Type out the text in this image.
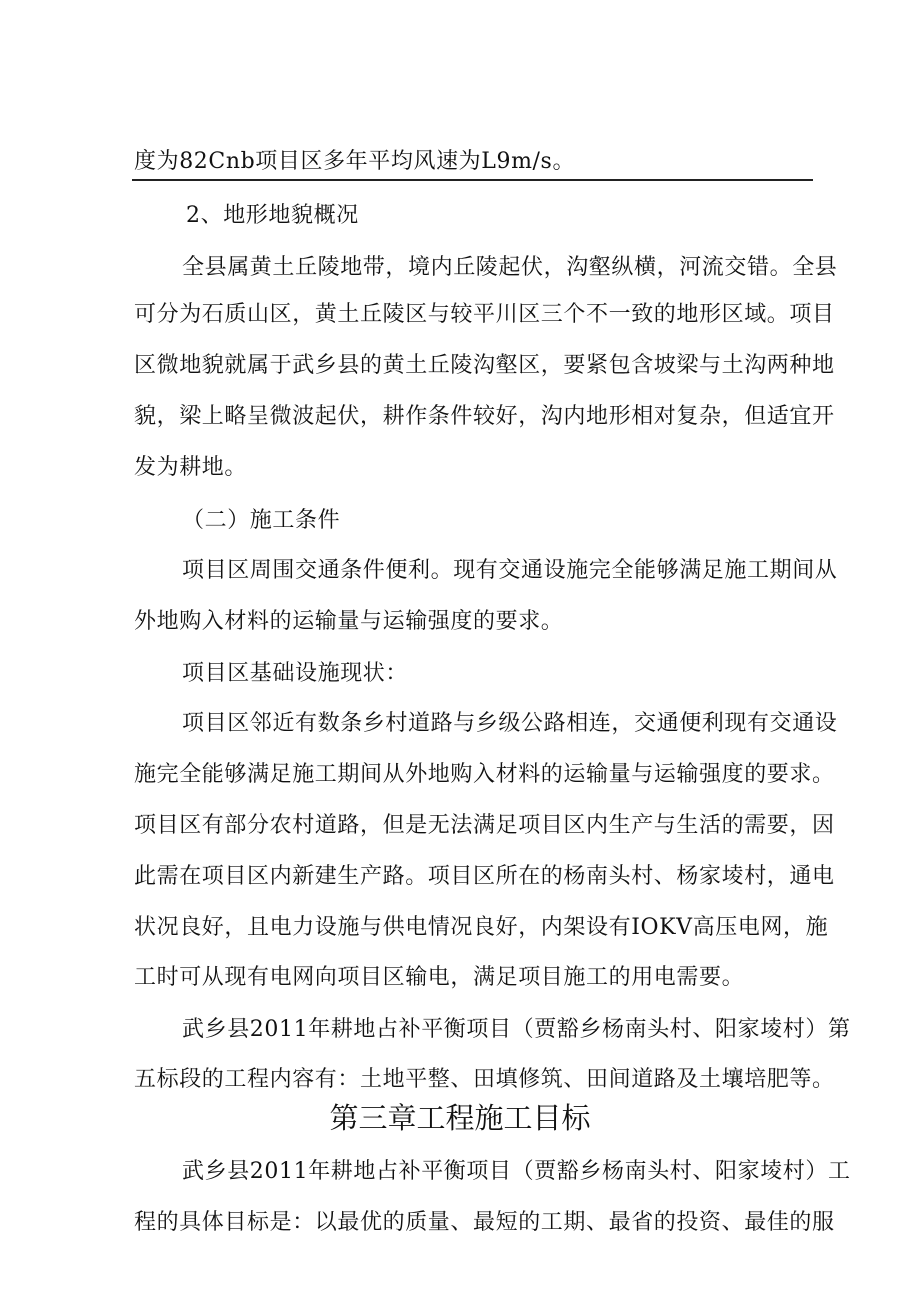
度为82Cnb项目区多年平均风速为L9m/s。
2、地形地貌概况
全县属黄土丘陵地带，境内丘陵起伏，沟壑纵横，河流交错。全县
可分为石质山区，黄土丘陵区与较平川区三个不一致的地形区域。项目
区微地貌就属于武乡县的黄土丘陵沟壑区，要紧包含坡梁与土沟两种地
貌，梁上略呈微波起伏，耕作条件较好，沟内地形相对复杂，但适宜开
发为耕地。
（二）施工条件
项目区周围交通条件便利。现有交通设施完全能够满足施工期间从
外地购入材料的运输量与运输强度的要求。
项目区基础设施现状：
项目区邻近有数条乡村道路与乡级公路相连，交通便利现有交通设
施完全能够满足施工期间从外地购入材料的运输量与运输强度的要求。
项目区有部分农村道路，但是无法满足项目区内生产与生活的需要，因
此需在项目区内新建生产路。项目区所在的杨南头村、杨家堎村，通电
状况良好，且电力设施与供电情况良好，内架设有IOKV高压电网，施
工时可从现有电网向项目区输电，满足项目施工的用电需要。
武乡县2011年耕地占补平衡项目（贾豁乡杨南头村、阳家堎村）第
五标段的工程内容有：土地平整、田填修筑、田间道路及土壤培肥等。
第三章工程施工目标
武乡县2011年耕地占补平衡项目（贾豁乡杨南头村、阳家堎村）工
程的具体目标是：以最优的质量、最短的工期、最省的投资、最佳的服
